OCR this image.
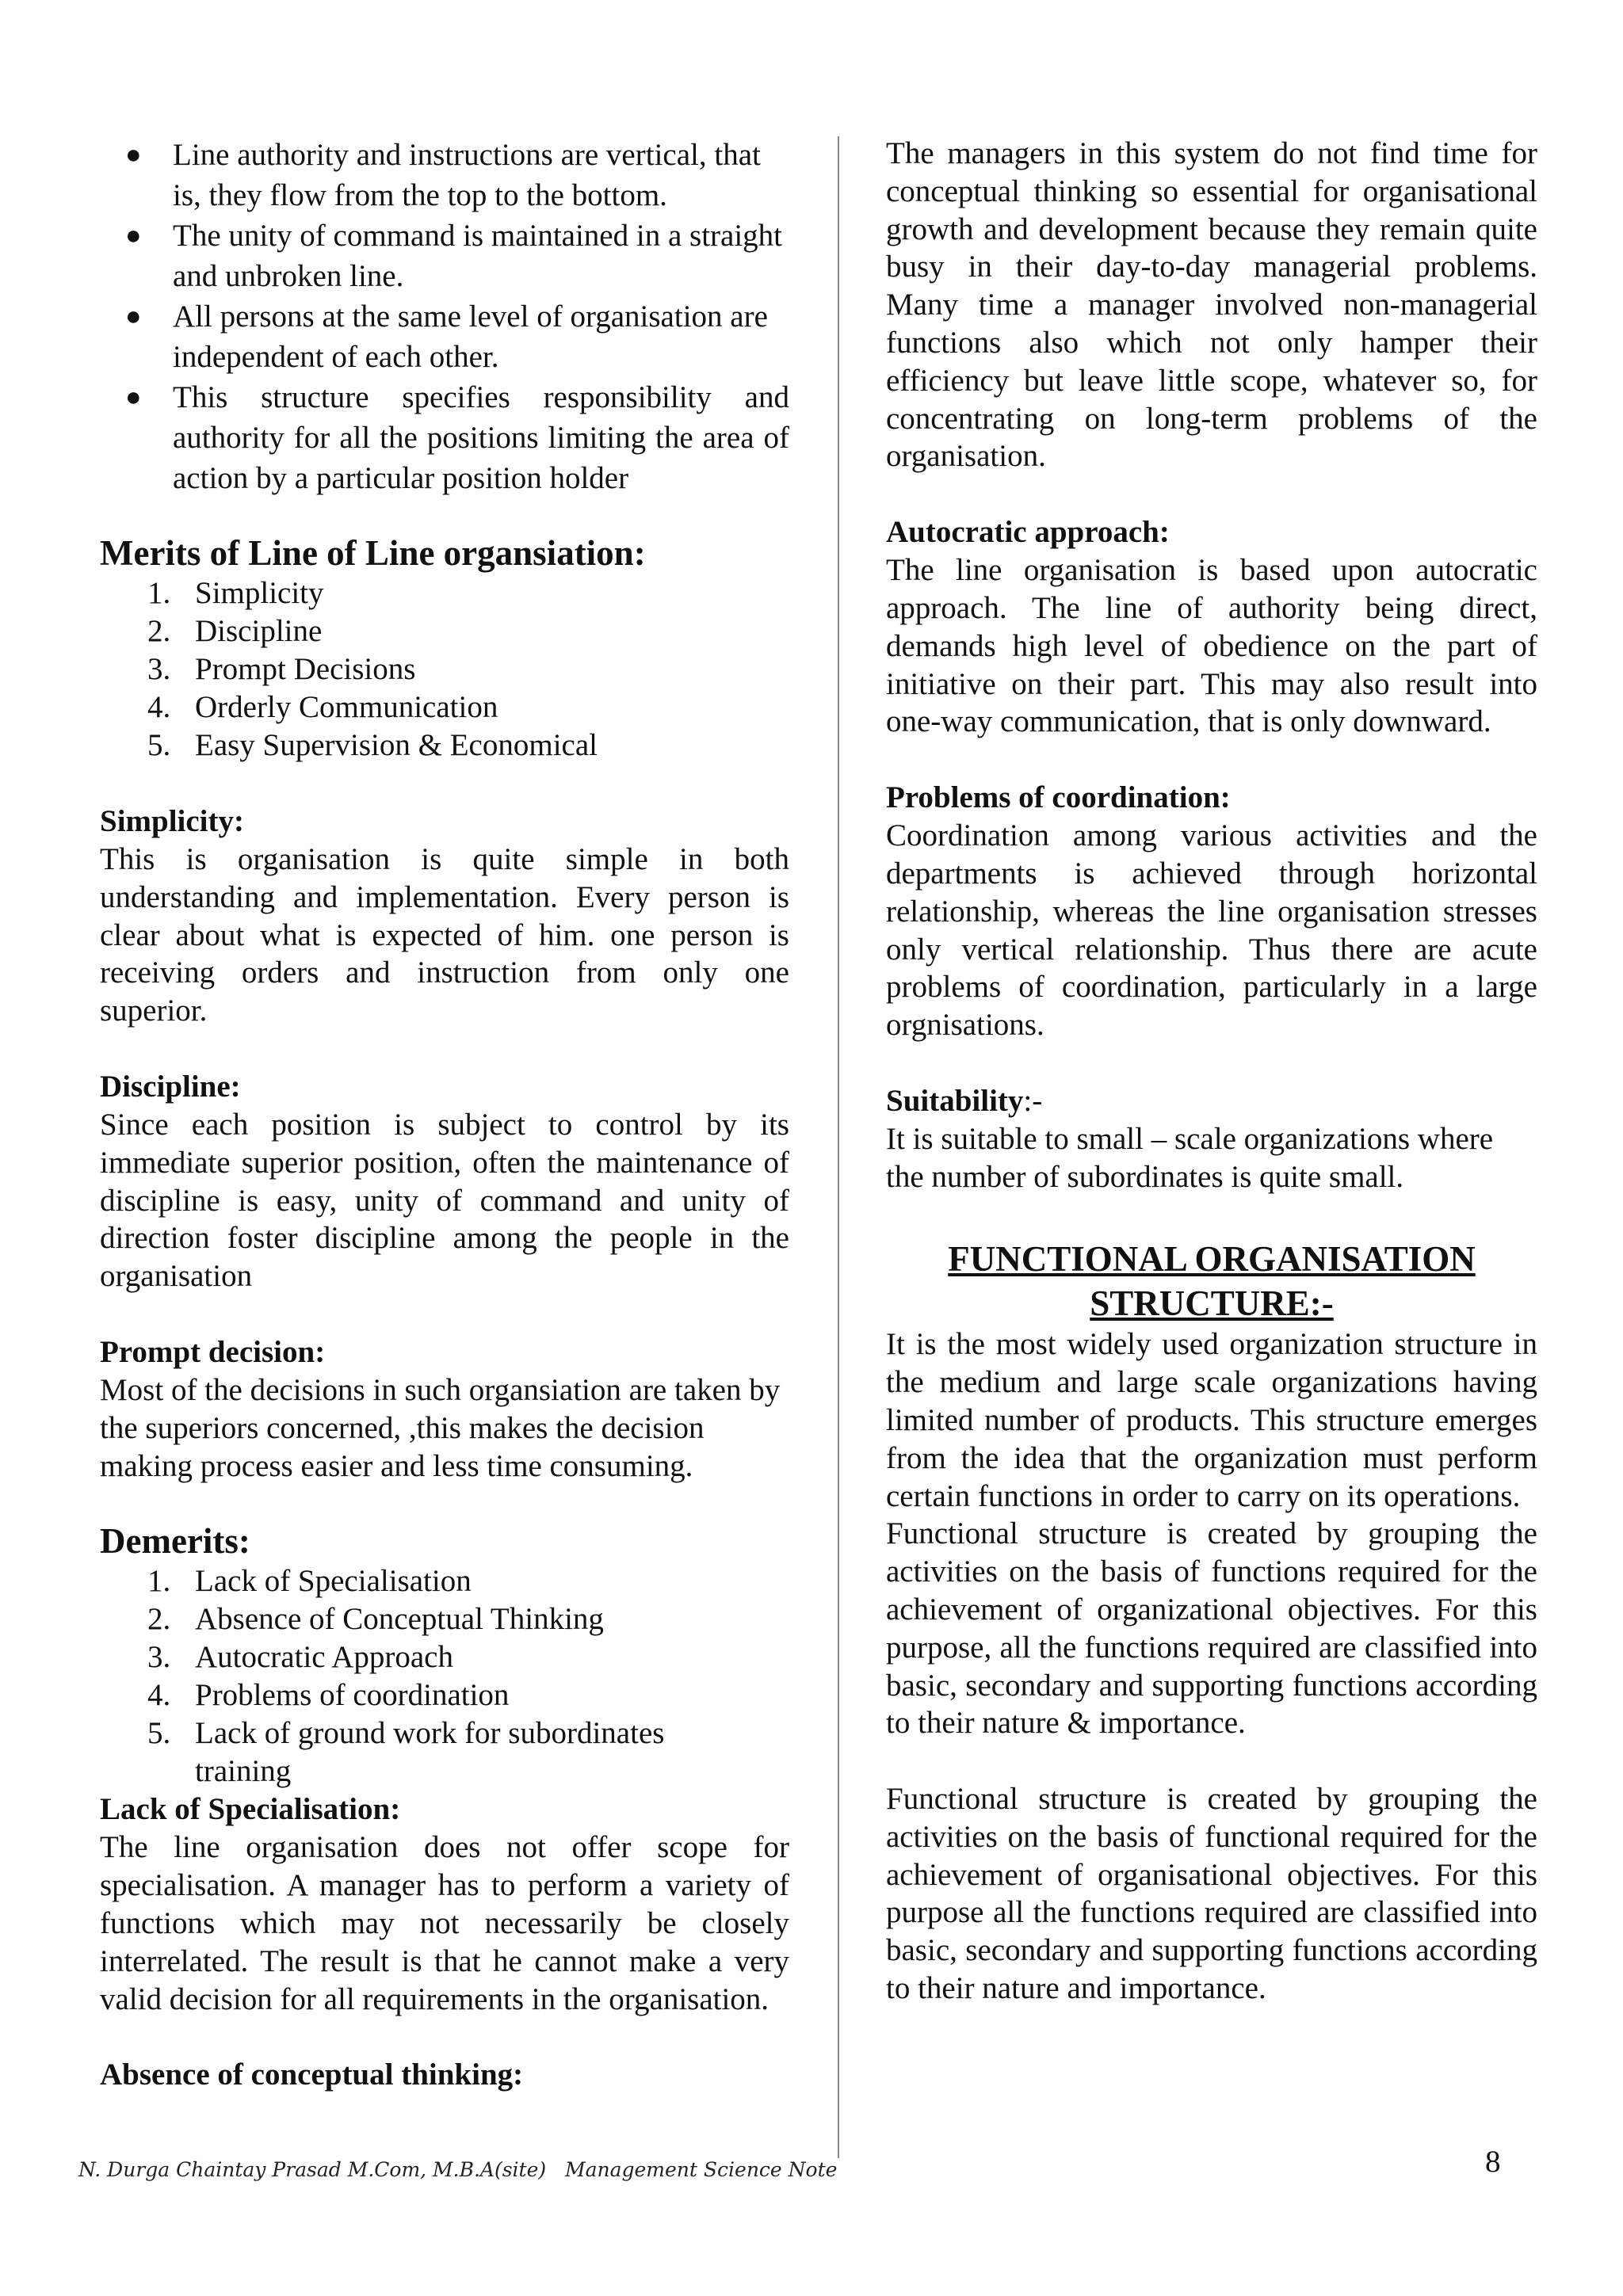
● Line authority and instructions are vertical, that is, they flow from the top to the bottom.
● The unity of command is maintained in a straight and unbroken line.
● All persons at the same level of organisation are independent of each other.
● This structure specifies responsibility and authority for all the positions limiting the area of action by a particular position holder

Merits of Line of Line organsiation:

1. Simplicity
2. Discipline
3. Prompt Decisions
4. Orderly Communication
5. Easy Supervision & Economical

Simplicity:

This is organisation is quite simple in both understanding and implementation. Every person is clear about what is expected of him. one person is receiving orders and instruction from only one superior.

Discipline:

Since each position is subject to control by its immediate superior position, often the maintenance of discipline is easy, unity of command and unity of direction foster discipline among the people in the organisation

Prompt decision:

Most of the decisions in such organsiation are taken by the superiors concerned, ,this makes the decision making process easier and less time consuming.

Demerits:

1. Lack of Specialisation
2. Absence of Conceptual Thinking
3. Autocratic Approach
4. Problems of coordination
5. Lack of ground work for subordinates training

Lack of Specialisation:

The line organisation does not offer scope for specialisation. A manager has to perform a variety of functions which may not necessarily be closely interrelated. The result is that he cannot make a very valid decision for all requirements in the organisation.

Absence of conceptual thinking:

The managers in this system do not find time for conceptual thinking so essential for organisational growth and development because they remain quite busy in their day-to-day managerial problems. Many time a manager involved non-managerial functions also which not only hamper their efficiency but leave little scope, whatever so, for concentrating on long-term problems of the organisation.

Autocratic approach:

The line organisation is based upon autocratic approach. The line of authority being direct, demands high level of obedience on the part of initiative on their part. This may also result into one-way communication, that is only downward.

Problems of coordination:

Coordination among various activities and the departments is achieved through horizontal relationship, whereas the line organisation stresses only vertical relationship. Thus there are acute problems of coordination, particularly in a large orgnisations.

Suitability:-

It is suitable to small – scale organizations where the number of subordinates is quite small.

FUNCTIONAL ORGANISATION

STRUCTURE:-

It is the most widely used organization structure in the medium and large scale organizations having limited number of products. This structure emerges from the idea that the organization must perform certain functions in order to carry on its operations.

Functional structure is created by grouping the activities on the basis of functions required for the achievement of organizational objectives. For this purpose, all the functions required are classified into basic, secondary and supporting functions according to their nature & importance.

Functional structure is created by grouping the activities on the basis of functional required for the achievement of organisational objectives. For this purpose all the functions required are classified into basic, secondary and supporting functions according to their nature and importance.

N. Durga Chaintay Prasad M.Com, M.B.A(site) Management Science Note	8
